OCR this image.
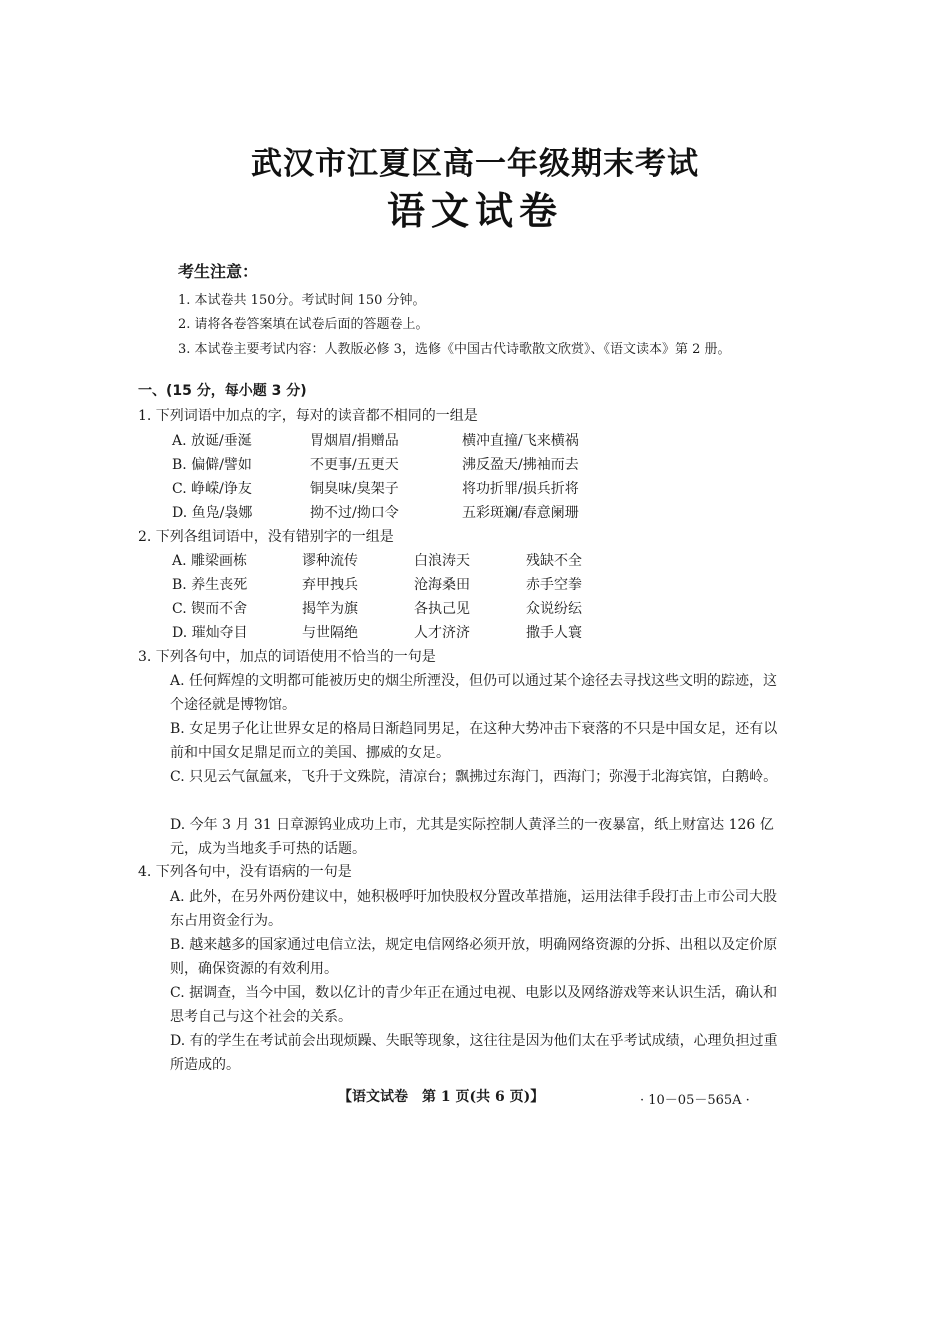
武汉市江夏区高一年级期末考试
语文试卷
考生注意：
1. 本试卷共 150分。考试时间 150 分钟。
2. 请将各卷答案填在试卷后面的答题卷上。
3. 本试卷主要考试内容：人教版必修 3，选修《中国古代诗歌散文欣赏》、《语文读本》第 2 册。
一、(15 分，每小题 3 分)
1. 下列词语中加点的字，每对的读音都不相同的一组是
A. 放诞/垂涎	胃烟眉/捐赠品	横冲直撞/飞来横祸
B. 偏僻/譬如	不更事/五更天	沸反盈天/拂袖而去
C. 峥嵘/诤友	铜臭味/臭架子	将功折罪/损兵折将
D. 鱼凫/袅娜	拗不过/拗口令	五彩斑斓/春意阑珊
2. 下列各组词语中，没有错别字的一组是
A. 雕梁画栋	谬种流传	白浪涛天	残缺不全
B. 养生丧死	弃甲拽兵	沧海桑田	赤手空拳
C. 锲而不舍	揭竿为旗	各执己见	众说纷纭
D. 璀灿夺目	与世隔绝	人才济济	撒手人寰
3. 下列各句中，加点的词语使用不恰当的一句是
A. 任何辉煌的文明都可能被历史的烟尘所湮没，但仍可以通过某个途径去寻找这些文明的踪迹，这个途径就是博物馆。
B. 女足男子化让世界女足的格局日渐趋同男足，在这种大势冲击下衰落的不只是中国女足，还有以前和中国女足鼎足而立的美国、挪威的女足。
C. 只见云气氤氲来，飞升于文殊院，清凉台；飘拂过东海门，西海门；弥漫于北海宾馆，白鹅岭。
D. 今年 3 月 31 日章源钨业成功上市，尤其是实际控制人黄泽兰的一夜暴富，纸上财富达 126 亿元，成为当地炙手可热的话题。
4. 下列各句中，没有语病的一句是
A. 此外，在另外两份建议中，她积极呼吁加快股权分置改革措施，运用法律手段打击上市公司大股东占用资金行为。
B. 越来越多的国家通过电信立法，规定电信网络必须开放，明确网络资源的分拆、出租以及定价原则，确保资源的有效利用。
C. 据调查，当今中国，数以亿计的青少年正在通过电视、电影以及网络游戏等来认识生活，确认和思考自己与这个社会的关系。
D. 有的学生在考试前会出现烦躁、失眠等现象，这往往是因为他们太在乎考试成绩，心理负担过重所造成的。
【语文试卷　第 1 页(共 6 页)】	· 10－05－565A ·
